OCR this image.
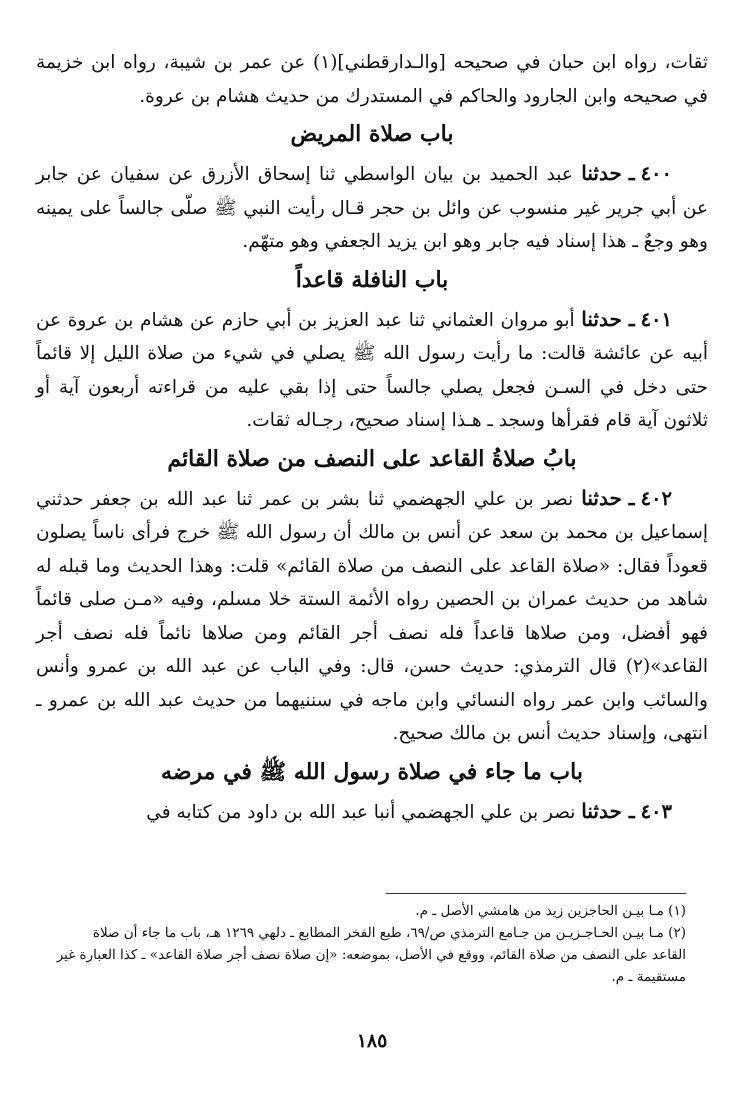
ثقات، رواه ابن حبان في صحيحه [والـدارقطني](١) عن عمر بن شيبة، رواه ابن خزيمة في صحيحه وابن الجارود والحاكم في المستدرك من حديث هشام بن عروة.

باب صلاة المريض

٤٠٠ ـ حدثنا عبد الحميد بن بيان الواسطي ثنا إسحاق الأزرق عن سفيان عن جابر عن أبي جرير غير منسوب عن وائل بن حجر قـال رأيت النبي ﷺ صلّى جالساً على يمينه وهو وجعٌ ـ هذا إسناد فيه جابر وهو ابن يزيد الجعفي وهو متهّم.

باب النافلة قاعداً

٤٠١ ـ حدثنا أبو مروان العثماني ثنا عبد العزيز بن أبي حازم عن هشام بن عروة عن أبيه عن عائشة قالت: ما رأيت رسول الله ﷺ يصلي في شيء من صلاة الليل إلا قائماً حتى دخل في السـن فجعل يصلي جالساً حتى إذا بقي عليه من قراءته أربعون آية أو ثلاثون آية قام فقرأها وسجد ـ هـذا إسناد صحيح، رجـاله ثقات.

بابُ صلاةُ القاعد على النصف من صلاة القائم

٤٠٢ ـ حدثنا نصر بن علي الجهضمي ثنا بشر بن عمر ثنا عبد الله بن جعفر حدثني إسماعيل بن محمد بن سعد عن أنس بن مالك أن رسول الله ﷺ خرج فرأى ناساً يصلون قعوداً فقال: «صلاة القاعد على النصف من صلاة القائم» قلت: وهذا الحديث وما قبله له شاهد من حديث عمران بن الحصين رواه الأئمة الستة خلا مسلم، وفيه «مـن صلى قائماً فهو أفضل، ومن صلاها قاعداً فله نصف أجر القائم ومن صلاها نائماً فله نصف أجر القاعد»(٢) قال الترمذي: حديث حسن، قال: وفي الباب عن عبد الله بن عمرو وأنس والسائب وابن عمر رواه النسائي وابن ماجه في سننيهما من حديث عبد الله بن عمرو ـ انتهى، وإسناد حديث أنس بن مالك صحيح.

باب ما جاء في صلاة رسول الله ﷺ في مرضه

٤٠٣ ـ حدثنا نصر بن علي الجهضمي أنبا عبد الله بن داود من كتابه في

(١) مـا بيـن الحاجزين زيد من هامشي الأصل ـ م.

(٢) مـا بيـن الحـاجـزيـن من جـامع الترمذي ص/٦٩، طبع الفخر المطابع ـ دلهي ١٢٦٩ هـ، باب ما جاء أن صلاة القاعد على النصف من صلاة القائم، ووقع في الأصل، بموضعه: «إن صلاة نصف أجر صلاة القاعد» ـ كذا العبارة غير مستقيمة ـ م.

١٨٥
